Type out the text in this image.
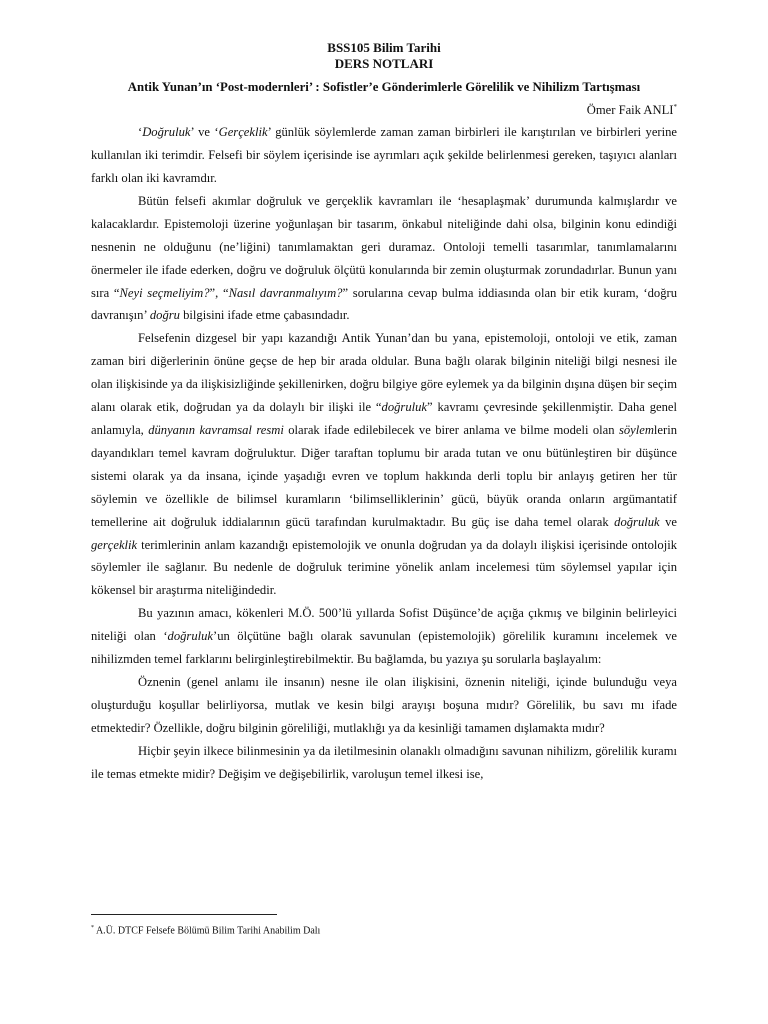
BSS105 Bilim Tarihi
DERS NOTLARI
Antik Yunan’ın ‘Post-modernleri’ : Sofistler’e Gönderimlerle Görelilik ve Nihilizm Tartışması
Ömer Faik ANLI*

‘Doğruluk’ ve ‘Gerçeklik’ günlük söylemlerde zaman zaman birbirleri ile karıştırılan ve birbirleri yerine kullanılan iki terimdir. Felsefi bir söylem içerisinde ise ayrımları açık şekilde belirlenmesi gereken, taşıyıcı alanları farklı olan iki kavramdır.

Bütün felsefi akımlar doğruluk ve gerçeklik kavramları ile ‘hesaplaşmak’ durumunda kalmışlardır ve kalacaklardır. Epistemoloji üzerine yoğunlaşan bir tasarım, önkabul niteliğinde dahi olsa, bilginin konu edindiği nesnenin ne olduğunu (ne’liğini) tanımlamaktan geri duramaz. Ontoloji temelli tasarımlar, tanımlamalarını önermeler ile ifade ederken, doğru ve doğruluk ölçütü konularında bir zemin oluşturmak zorundadırlar. Bunun yanı sıra “Neyi seçmeliyim?”, “Nasıl davranmalıyım?” sorularına cevap bulma iddiasında olan bir etik kuram, ‘doğru davranışın’ doğru bilgisini ifade etme çabasındadır.

Felsefenin dizgesel bir yapı kazandığı Antik Yunan’dan bu yana, epistemoloji, ontoloji ve etik, zaman zaman biri diğerlerinin önüne geçse de hep bir arada oldular. Buna bağlı olarak bilginin niteliği bilgi nesnesi ile olan ilişkisinde ya da ilişkisizliğinde şekillenirken, doğru bilgiye göre eylemek ya da bilginin dışına düşen bir seçim alanı olarak etik, doğrudan ya da dolaylı bir ilişki ile “doğruluk” kavramı çevresinde şekillenmiştir. Daha genel anlamıyla, dünyanın kavramsal resmi olarak ifade edilebilecek ve birer anlama ve bilme modeli olan söylemlerin dayandıkları temel kavram doğruluktur. Diğer taraftan toplumu bir arada tutan ve onu bütünleştiren bir düşünce sistemi olarak ya da insana, içinde yaşadığı evren ve toplum hakkında derli toplu bir anlayış getiren her tür söylemin ve özellikle de bilimsel kuramların ‘bilimselliklerinin’ gücü, büyük oranda onların argümantatif temellerine ait doğruluk iddialarının gücü tarafından kurulmaktadır. Bu güç ise daha temel olarak doğruluk ve gerçeklik terimlerinin anlam kazandığı epistemolojik ve onunla doğrudan ya da dolaylı ilişkisi içerisinde ontolojik söylemler ile sağlanır. Bu nedenle de doğruluk terimine yönelik anlam incelemesi tüm söylemsel yapılar için kökensel bir araştırma niteliğindedir.

Bu yazının amacı, kökenleri M.Ö. 500’lü yıllarda Sofist Düşünce’de açığa çıkmış ve bilginin belirleyici niteliği olan ‘doğruluk’un ölçütüne bağlı olarak savunulan (epistemolojik) görelilik kuramını incelemek ve nihilizmden temel farklarını belirginleştirebilmektir. Bu bağlamda, bu yazıya şu sorularla başlayalım:

Öznenin (genel anlamı ile insanın) nesne ile olan ilişkisini, öznenin niteliği, içinde bulunduğu veya oluşturduğu koşullar belirliyorsa, mutlak ve kesin bilgi arayışı boşuna mıdır? Görelilik, bu savı mı ifade etmektedir? Özellikle, doğru bilginin göreliliği, mutlaklığı ya da kesinliği tamamen dışlamakta mıdır?

Hiçbir şeyin ilkece bilinmesinin ya da iletilmesinin olanaklı olmadığını savunan nihilizm, görelilik kuramı ile temas etmekte midir? Değişim ve değişebilirlik, varoluşun temel ilkesi ise,

* A.Ü. DTCF Felsefe Bölümü Bilim Tarihi Anabilim Dalı
